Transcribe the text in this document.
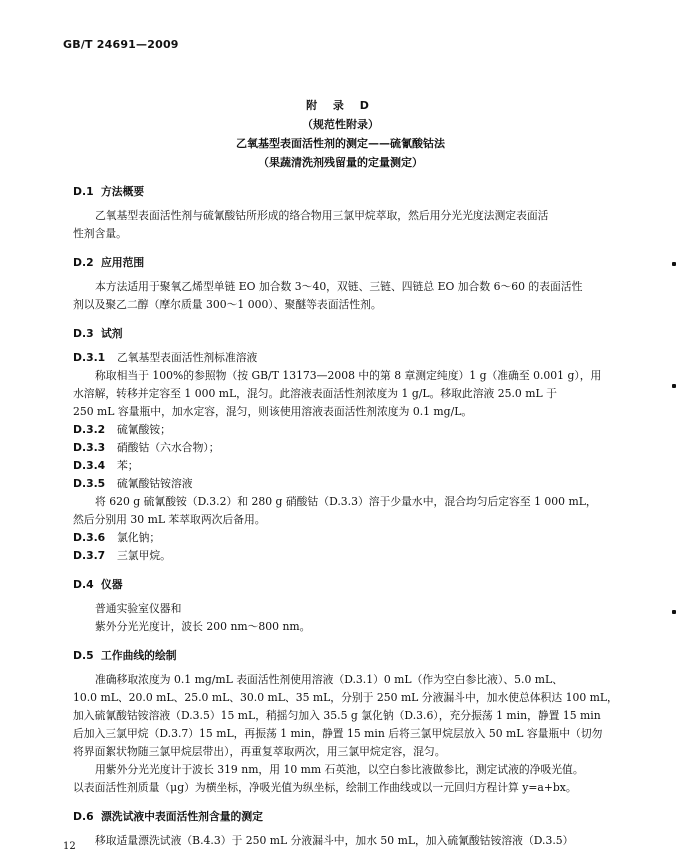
GB/T 24691—2009
附 录 D
（规范性附录）
乙氧基型表面活性剂的测定——硫氰酸钴法
（果蔬清洗剂残留量的定量测定）
D.1 方法概要
乙氧基型表面活性剂与硫氰酸钴所形成的络合物用三氯甲烷萃取，然后用分光光度法测定表面活
性剂含量。
D.2 应用范围
本方法适用于聚氧乙烯型单链 EO 加合数 3～40，双链、三链、四链总 EO 加合数 6～60 的表面活性
剂以及聚乙二醇（摩尔质量 300～1 000）、聚醚等表面活性剂。
D.3 试剂
D.3.1 乙氧基型表面活性剂标准溶液
称取相当于 100%的参照物（按 GB/T 13173—2008 中的第 8 章测定纯度）1 g（准确至 0.001 g），用
水溶解，转移并定容至 1 000 mL，混匀。此溶液表面活性剂浓度为 1 g/L。移取此溶液 25.0 mL 于
250 mL 容量瓶中，加水定容，混匀，则该使用溶液表面活性剂浓度为 0.1 mg/L。
D.3.2 硫氰酸铵；
D.3.3 硝酸钴（六水合物）；
D.3.4 苯；
D.3.5 硫氰酸钴铵溶液
将 620 g 硫氰酸铵（D.3.2）和 280 g 硝酸钴（D.3.3）溶于少量水中，混合均匀后定容至 1 000 mL，
然后分别用 30 mL 苯萃取两次后备用。
D.3.6 氯化钠；
D.3.7 三氯甲烷。
D.4 仪器
普通实验室仪器和
紫外分光光度计，波长 200 nm～800 nm。
D.5 工作曲线的绘制
准确移取浓度为 0.1 mg/mL 表面活性剂使用溶液（D.3.1）0 mL（作为空白参比液）、5.0 mL、
10.0 mL、20.0 mL、25.0 mL、30.0 mL、35 mL，分别于 250 mL 分液漏斗中，加水使总体积达 100 mL，
加入硫氰酸钴铵溶液（D.3.5）15 mL，稍摇匀加入 35.5 g 氯化钠（D.3.6），充分振荡 1 min，静置 15 min
后加入三氯甲烷（D.3.7）15 mL，再振荡 1 min，静置 15 min 后将三氯甲烷层放入 50 mL 容量瓶中（切勿
将界面絮状物随三氯甲烷层带出），再重复萃取两次，用三氯甲烷定容，混匀。
用紫外分光光度计于波长 319 nm，用 10 mm 石英池，以空白参比液做参比，测定试液的净吸光值。
以表面活性剂质量（μg）为横坐标，净吸光值为纵坐标，绘制工作曲线或以一元回归方程计算 y=a+bx。
D.6 漂洗试液中表面活性剂含量的测定
移取适量漂洗试液（B.4.3）于 250 mL 分液漏斗中，加水 50 mL，加入硫氰酸钴铵溶液（D.3.5）
12
